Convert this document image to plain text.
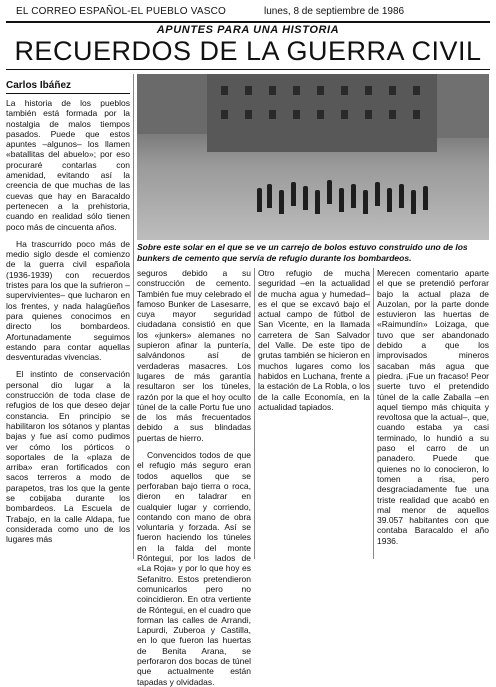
EL CORREO ESPAÑOL-EL PUEBLO VASCO	lunes, 8 de septiembre de 1986
APUNTES PARA UNA HISTORIA
RECUERDOS DE LA GUERRA CIVIL
Carlos Ibáñez

La historia de los pueblos también está formada por la nostalgia de malos tiempos pasados. Puede que estos apuntes –algunos– los llamen «batallitas del abuelo»; por eso procuraré contarlas con amenidad, evitando así la creencia de que muchas de las cuevas que hay en Baracaldo pertenecen a la prehistoria, cuando en realidad sólo tienen poco más de cincuenta años.

Ha trascurrido poco más de medio siglo desde el comienzo de la guerra civil española (1936-1939) con recuerdos tristes para los que la sufrieron –supervivientes– que lucharon en los frentes, y nada halagüeños para quienes conocimos en directo los bombardeos. Afortunadamente seguimos estando para contar aquellas desventuradas vivencias.

El instinto de conservación personal dio lugar a la construcción de toda clase de refugios de los que deseo dejar constancia. En principio se habilitaron los sótanos y plantas bajas y fue así como pudimos ver cómo los pórticos o soportales de la «plaza de arriba» eran fortificados con sacos terreros a modo de parapetos, tras los que la gente se cobijaba durante los bombardeos. La Escuela de Trabajo, en la calle Aldapa, fue considerada como uno de los lugares más

Sobre este solar en el que se ve un carrejo de bolos estuvo construido uno de los bunkers de cemento que servía de refugio durante los bombardeos.

seguros debido a su construcción de cemento. También fue muy celebrado el famoso Bunker de Lasesarre, cuya mayor seguridad ciudadana consistió en que los «junkers» alemanes no supieron afinar la puntería, salvándonos así de verdaderas masacres. Los lugares de más garantía resultaron ser los túneles, razón por la que el hoy oculto túnel de la calle Portu fue uno de los más frecuentados debido a sus blindadas puertas de hierro.

Convencidos todos de que el refugio más seguro eran todos aquellos que se perforaban bajo tierra o roca, dieron en taladrar en cualquier lugar y corriendo, contando con mano de obra voluntaria y forzada. Así se fueron haciendo los túneles en la falda del monte Róntegui, por los lados de «La Roja» y por lo que hoy es Sefanitro. Estos pretendieron comunicarlos pero no coincidieron. En otra vertiente de Róntegui, en el cuadro que forman las calles de Arrandi, Lapurdi, Zuberoa y Castilla, en lo que fueron las huertas de Benita Arana, se perforaron dos bocas de túnel que actualmente están tapadas y olvidadas.

Otro refugio de mucha seguridad –en la actualidad de mucha agua y humedad– es el que se excavó bajo el actual campo de fútbol de San Vicente, en la llamada carretera de San Salvador del Valle. De este tipo de grutas también se hicieron en muchos lugares como los habidos en Luchana, frente a la estación de La Robla, o los de la calle Economía, en la actualidad tapiados.

Merecen comentario aparte el que se pretendió perforar bajo la actual plaza de Auzolan, por la parte donde estuvieron las huertas de «Raimundín» Loizaga, que tuvo que ser abandonado debido a que los improvisados mineros sacaban más agua que piedra. ¡Fue un fracaso! Peor suerte tuvo el pretendido túnel de la calle Zaballa –en aquel tiempo más chiquita y revoltosa que la actual–, que, cuando estaba ya casi terminado, lo hundió a su paso el carro de un panadero. Puede que quienes no lo conocieron, lo tomen a risa, pero desgraciadamente fue una triste realidad que acabó en mal menor de aquellos 39.057 habitantes con que contaba Baracaldo el año 1936.
